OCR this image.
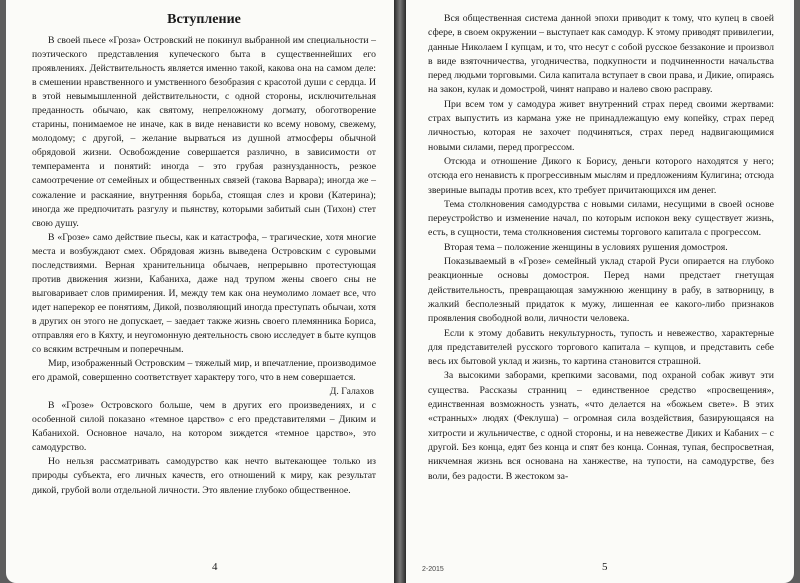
Вступление

В своей пьесе «Гроза» Островский не покинул выбранной им специальности – поэтического представления купеческого быта в существеннейших его проявлениях. Действительность является именно такой, какова она на самом деле: в смешении нравственного и умственного безобразия с красотой души с сердца. И в этой невымышленной действительности, с одной стороны, исключительная преданность обычаю, как святому, непреложному догмату, обоготворение старины, понимаемое не иначе, как в виде ненависти ко всему новому, свежему, молодому; с другой, – желание вырваться из душной атмосферы обычной обрядовой жизни. Освобождение совершается различно, в зависимости от темперамента и понятий: иногда – это грубая разнузданность, резкое самоотречение от семейных и общественных связей (такова Варвара); иногда же – сожаление и раскаяние, внутренняя борьба, стоящая слез и крови (Катерина); иногда же предпочитать разгулу и пьянству, которыми забитый сын (Тихон) стет свою душу.

В «Грозе» само действие пьесы, как и катастрофа, – трагические, хотя многие места и возбуждают смех. Обрядовая жизнь выведена Островским с суровыми последствиями. Верная хранительница обычаев, непрерывно протестующая против движения жизни, Кабаниха, даже над трупом жены своего сны не выговаривает слов примирения. И, между тем как она неумолимо ломает все, что идет наперекор ее понятиям, Дикой, позволяющий иногда преступать обычаи, хотя в других он этого не допускает, – заедает также жизнь своего племянника Бориса, отправляя его в Кяхту, и неугомонную деятельность свою исследует в быте купцов со всяким встречным и поперечным.

Мир, изображенный Островским – тяжелый мир, и впечатление, производимое его драмой, совершенно соответствует характеру того, что в нем совершается.

Д. Галахов

В «Грозе» Островского больше, чем в других его произведениях, и с особенной силой показано «темное царство» с его представителями – Диким и Кабанихой. Основное начало, на котором зиждется «темное царство», это самодурство.

Но нельзя рассматривать самодурство как нечто вытекающее только из природы субъекта, его личных качеств, его отношений к миру, как результат дикой, грубой воли отдельной личности. Это явление глубоко общественное.

4

Вся общественная система данной эпохи приводит к тому, что купец в своей сфере, в своем окружении – выступает как самодур. К этому приводят привилегии, данные Николаем I купцам, и то, что несут с собой русское беззаконие и произвол в виде взяточничества, угодничества, подкупности и подчиненности начальства перед людьми торговыми. Сила капитала вступает в свои права, и Дикие, опираясь на закон, кулак и домострой, чинят направо и налево свою расправу.

При всем том у самодура живет внутренний страх перед своими жертвами: страх выпустить из кармана уже не принадлежащую ему копейку, страх перед личностью, которая не захочет подчиняться, страх перед надвигающимися новыми силами, перед прогрессом.

Отсюда и отношение Дикого к Борису, деньги которого находятся у него; отсюда его ненависть к прогрессивным мыслям и предложениям Кулигина; отсюда звериные выпады против всех, кто требует причитающихся им денег.

Тема столкновения самодурства с новыми силами, несущими в своей основе переустройство и изменение начал, по которым испокон веку существует жизнь, есть, в сущности, тема столкновения системы торгового капитала с прогрессом.

Вторая тема – положение женщины в условиях рушения домостроя.

Показываемый в «Грозе» семейный уклад старой Руси опирается на глубоко реакционные основы домостроя. Перед нами предстает гнетущая действительность, превращающая замужнюю женщину в рабу, в затворницу, в жалкий бесполезный придаток к мужу, лишенная ее какого-либо признаков проявления свободной воли, личности человека.

Если к этому добавить некультурность, тупость и невежество, характерные для представителей русского торгового капитала – купцов, и представить себе весь их бытовой уклад и жизнь, то картина становится страшной.

За высокими заборами, крепкими засовами, под охраной собак живут эти существа. Рассказы странниц – единственное средство «просвещения», единственная возможность узнать, «что делается на «божьем свете». В этих «странных» людях (Феклуша) – огромная сила воздействия, базирующаяся на хитрости и жульничестве, с одной стороны, и на невежестве Диких и Кабаних – с другой. Без конца, едят без конца и спят без конца. Сонная, тупая, беспросветная, никчемная жизнь вся основана на ханжестве, на тупости, на самодурстве, без воли, без радости. В жестоком за-

2-2015	5
